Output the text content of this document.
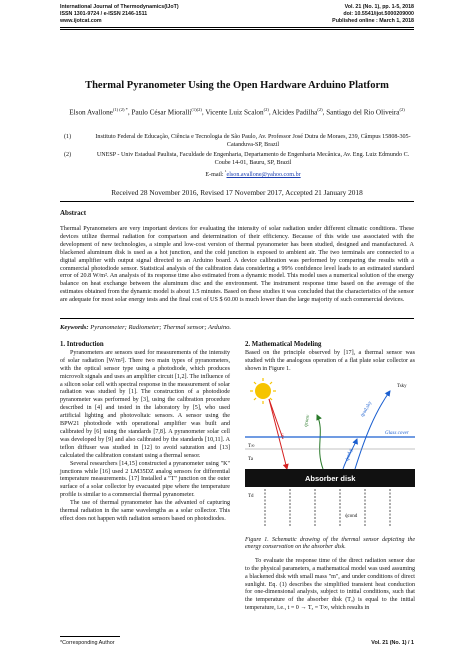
International Journal of Thermodynamics(IJoT)
ISSN 1301-9724 / e-ISSN 2146-1511
www.ijotcat.com
Vol. 21 (No. 1), pp. 1-5, 2018
doi: 10.5541/ijot.5000209000
Published online : March 1, 2018
Thermal Pyranometer Using the Open Hardware Arduino Platform
Elson Avallone$^{(1) (2) *}$, Paulo César Mioralli$^{(1)(2)}$, Vicente Luiz Scalon$^{(2)}$, Alcides Padilha$^{(2)}$, Santiago del Rio Oliveira$^{(2)}$
(1)	Instituto Federal de Educação, Ciência e Tecnologia de São Paulo, Av. Professor José Dutra de Moraes, 239, Câmpus 15808-305-Catanduva-SP, Brazil
(2)	UNESP - Univ Estadual Paulista, Faculdade de Engenharia, Departamento de Engenharia Mecânica, Av. Eng. Luiz Edmundo C. Coube 14-01, Bauru, SP, Brazil
E-mail: $^{^1}$elson.avallone@yahoo.com.br
Received 28 November 2016, Revised 17 November 2017, Accepted 21 January 2018
Abstract
Thermal Pyranometers are very important devices for evaluating the intensity of solar radiation under different climatic conditions. These devices utilize thermal radiation for comparison and determination of their efficiency. Because of this wide use associated with the development of new technologies, a simple and low-cost version of thermal pyranometer has been studied, designed and manufactured. A blackened aluminum disk is used as a hot junction, and the cold junction is exposed to ambient air. The two terminals are connected to a digital amplifier with output signal directed to an Arduino board. A device calibration was performed by comparing the results with a commercial photodiode sensor. Statistical analysis of the calibration data considering a 99% confidence level leads to an estimated standard error of 20.8 W/m². An analysis of its response time also estimated from a dynamic model. This model uses a numerical solution of the energy balance on heat exchange between the aluminum disc and the environment. The instrument response time based on the average of the estimates obtained from the dynamic model is about 1.5 minutes. Based on these studies it was concluded that the characteristics of the sensor are adequate for most solar energy tests and the final cost of US $ 60.00 is much lower than the large majority of such commercial devices.
Keywords: Pyranometer; Radiometer; Thermal sensor; Arduino.
1. Introduction

Pyranometers are sensors used for measurements of the intensity of solar radiation [W/m²]. There two main types of pyranometers, with the optical sensor type using a photodiode, which produces microvolt signals and uses an amplifier circuit [1,2]. The influence of a silicon solar cell with spectral response in the measurement of solar radiation was studied by [1]. The construction of a photodiode pyranometer was performed by [3], using the calibration procedure described in [4] and tested in the laboratory by [5], who used artificial lighting and photovoltaic sensors. A sensor using the BPW21 photodiode with operational amplifier was built and calibrated by [6] using the standards [7,8]. A pyranometer solar cell was developed by [9] and also calibrated by the standards [10,11]. A teflon diffuser was studied in [12] to avoid saturation and [13] calculated the calibration constant using a thermal sensor.

Several researchers [14,15] constructed a pyranometer using "K" junctions while [16] used 2 LM35DZ analog sensors for differential temperature measurements. [17] Installed a "T" junction on the outer surface of a solar collector by evacuated pipe where the temperature profile is similar to a commercial thermal pyranometer.

The use of thermal pyranometer has the advanted of capturing thermal radiation in the same wavelengths as a solar collector. This effect does not happen with radiation sensors based on photodiodes.

2. Mathematical Modeling

Based on the principle observed by [17], a thermal sensor was studied with the analogous operation of a flat plate solar collector as shown in Figure 1.

Glass cover
T∞
Ta
Tsky
S
q̇rad,sky
q̇conv
q̇rad,g
Absorber disk
Td
q̇cond
Figure 1. Schematic drawing of the thermal sensor depicting the energy conservation on the absorber disk.

To evaluate the response time of the direct radiation sensor due to the physical parameters, a mathematical model was used assuming a blackened disk with small mass "m", and under conditions of direct sunlight. Eq. (1) describes the simplified transient heat conduction for one-dimensional analysis, subject to initial conditions, such that the temperature of the absorber disk (Tₐ) is equal to the initial temperature, i.e., t = 0 → Tₐ = T∞, which results in

*Corresponding Author	Vol. 21 (No. 1) / 1
